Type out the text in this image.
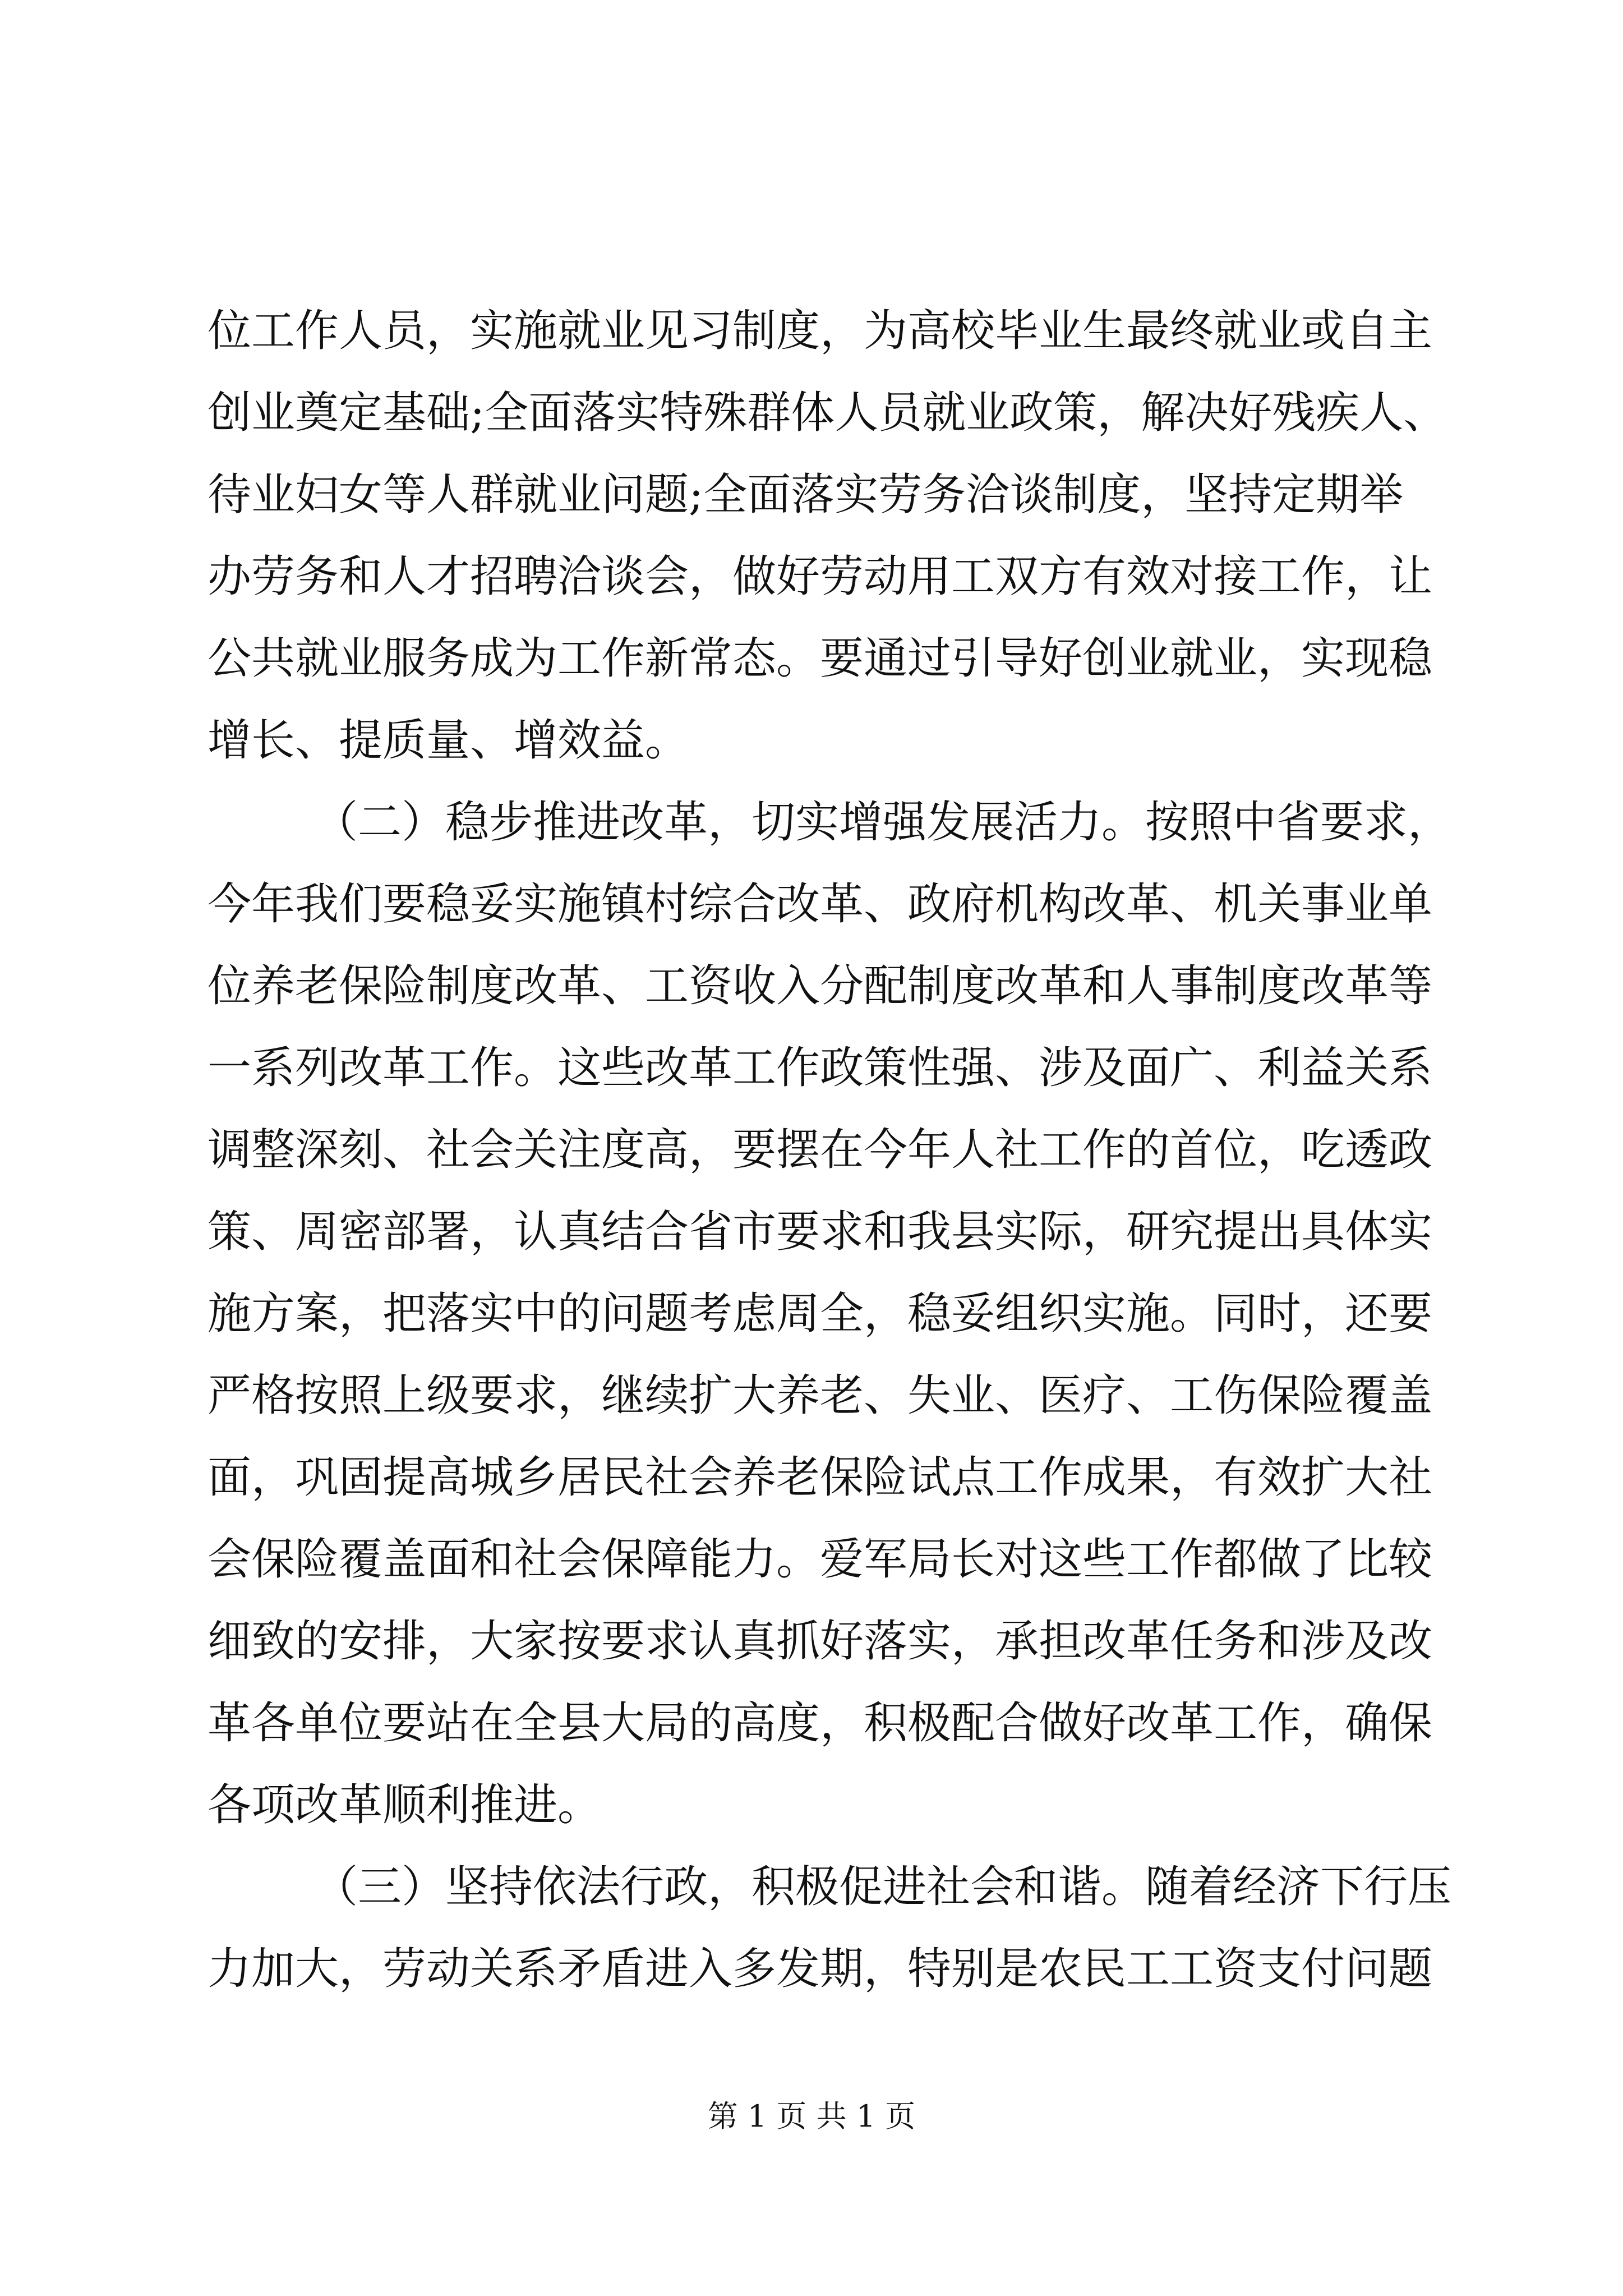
位工作人员，实施就业见习制度，为高校毕业生最终就业或自主
创业奠定基础;全面落实特殊群体人员就业政策，解决好残疾人、
待业妇女等人群就业问题;全面落实劳务洽谈制度，坚持定期举
办劳务和人才招聘洽谈会，做好劳动用工双方有效对接工作，让
公共就业服务成为工作新常态。要通过引导好创业就业，实现稳
增长、提质量、增效益。
（二）稳步推进改革，切实增强发展活力。按照中省要求，
今年我们要稳妥实施镇村综合改革、政府机构改革、机关事业单
位养老保险制度改革、工资收入分配制度改革和人事制度改革等
一系列改革工作。这些改革工作政策性强、涉及面广、利益关系
调整深刻、社会关注度高，要摆在今年人社工作的首位，吃透政
策、周密部署，认真结合省市要求和我县实际，研究提出具体实
施方案，把落实中的问题考虑周全，稳妥组织实施。同时，还要
严格按照上级要求，继续扩大养老、失业、医疗、工伤保险覆盖
面，巩固提高城乡居民社会养老保险试点工作成果，有效扩大社
会保险覆盖面和社会保障能力。爱军局长对这些工作都做了比较
细致的安排，大家按要求认真抓好落实，承担改革任务和涉及改
革各单位要站在全县大局的高度，积极配合做好改革工作，确保
各项改革顺利推进。
（三）坚持依法行政，积极促进社会和谐。随着经济下行压
力加大，劳动关系矛盾进入多发期，特别是农民工工资支付问题
第 1 页 共 1 页
